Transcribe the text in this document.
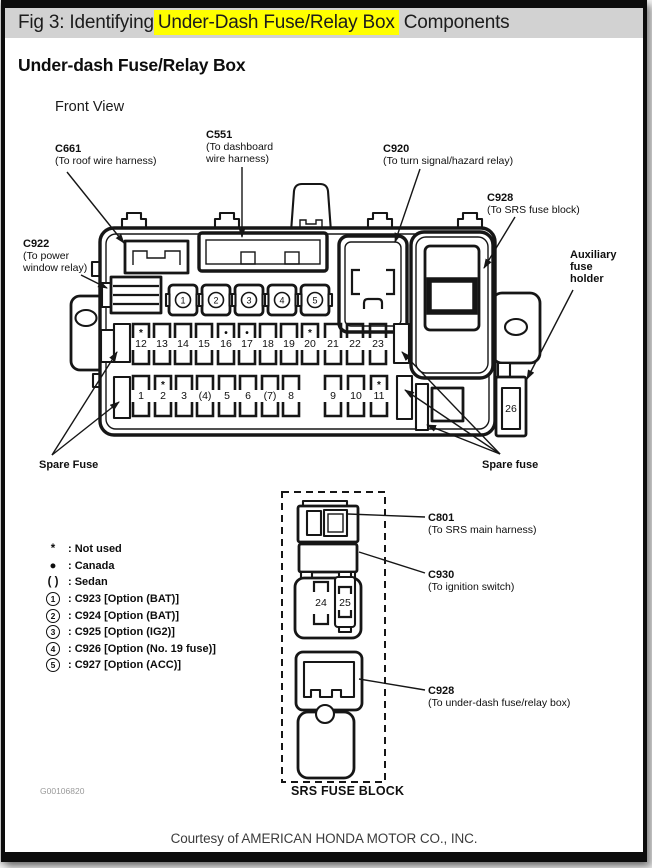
Fig 3: Identifying Under-Dash Fuse/Relay Box Components
Under-dash Fuse/Relay Box
Front View
* : Not used
● : Canada
( ) : Sedan
1	: C923 [Option (BAT)]
2	: C924 [Option (BAT)]
3	: C925 [Option (IG2)]
4	: C926 [Option (No. 19 fuse)]
5	: C927 [Option (ACC)]
12
*
13 14 15 16
•
17
•
18 19 20
*
21 22 23
1 2
*
3 (4) 5 6 (7) 8	9 10 11
*
1	2	3	4	5
26
24 25
C661
(To roof wire harness)
C551
(To dashboard
wire harness)
C920
(To turn signal/hazard relay)
C928
(To SRS fuse block)
C922
(To power
window relay)
Auxiliary
fuse
holder
Spare Fuse	Spare fuse
C801
(To SRS main harness)
C930
(To ignition switch)
C928
(To under-dash fuse/relay box)
SRS FUSE BLOCK
G00106820
Courtesy of AMERICAN HONDA MOTOR CO., INC.
